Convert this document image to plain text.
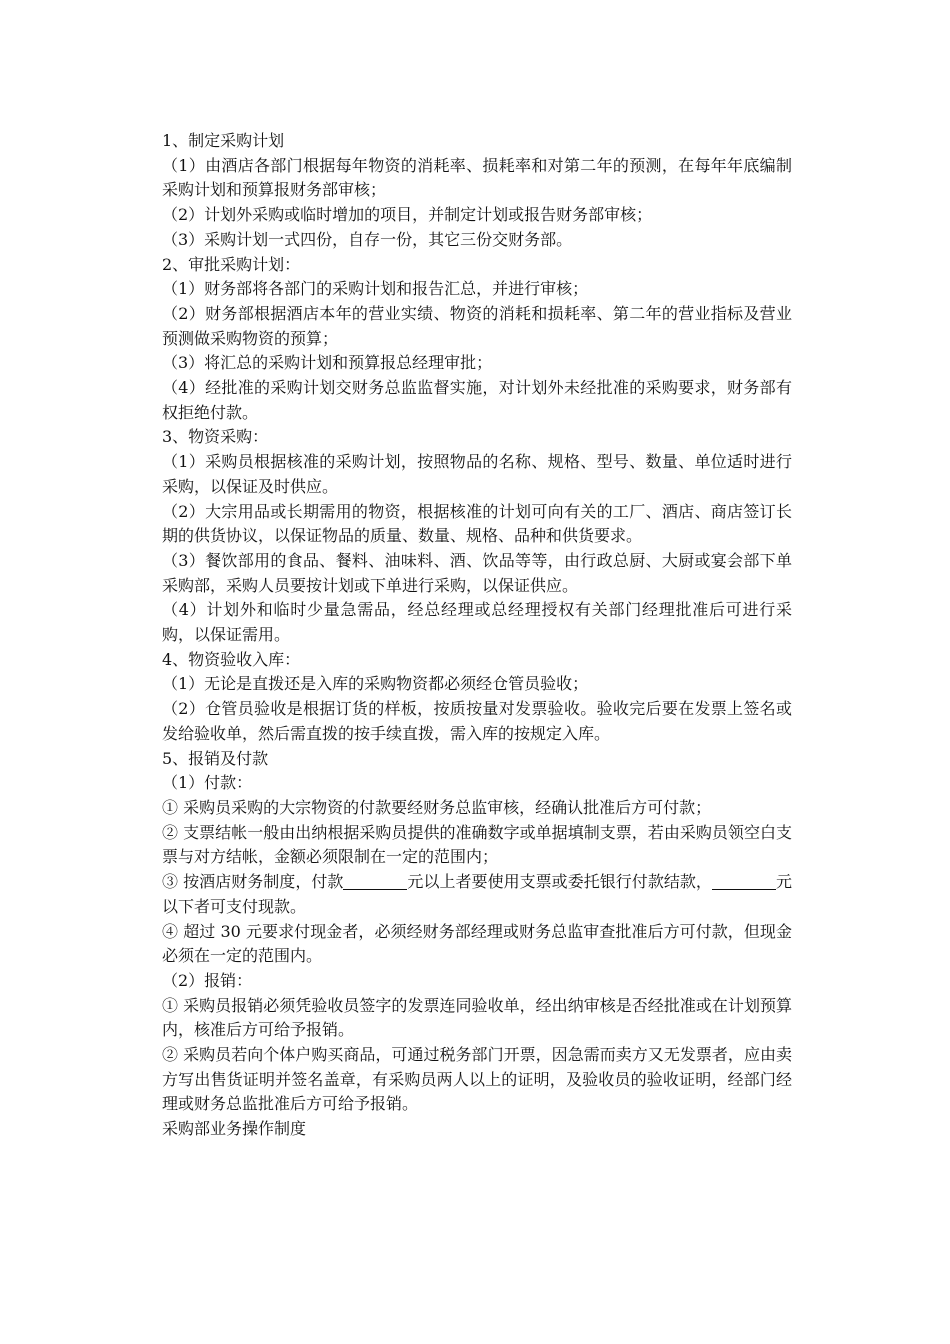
1、制定采购计划
（1）由酒店各部门根据每年物资的消耗率、损耗率和对第二年的预测，在每年年底编制采购计划和预算报财务部审核；
（2）计划外采购或临时增加的项目，并制定计划或报告财务部审核；
（3）采购计划一式四份，自存一份，其它三份交财务部。
2、审批采购计划：
（1）财务部将各部门的采购计划和报告汇总，并进行审核；
（2）财务部根据酒店本年的营业实绩、物资的消耗和损耗率、第二年的营业指标及营业预测做采购物资的预算；
（3）将汇总的采购计划和预算报总经理审批；
（4）经批准的采购计划交财务总监监督实施，对计划外未经批准的采购要求，财务部有权拒绝付款。
3、物资采购：
（1）采购员根据核准的采购计划，按照物品的名称、规格、型号、数量、单位适时进行采购，以保证及时供应。
（2）大宗用品或长期需用的物资，根据核准的计划可向有关的工厂、酒店、商店签订长期的供货协议，以保证物品的质量、数量、规格、品种和供货要求。
（3）餐饮部用的食品、餐料、油味料、酒、饮品等等，由行政总厨、大厨或宴会部下单采购部，采购人员要按计划或下单进行采购，以保证供应。
（4）计划外和临时少量急需品，经总经理或总经理授权有关部门经理批准后可进行采购，以保证需用。
4、物资验收入库：
（1）无论是直拨还是入库的采购物资都必须经仓管员验收；
（2）仓管员验收是根据订货的样板，按质按量对发票验收。验收完后要在发票上签名或发给验收单，然后需直拨的按手续直拨，需入库的按规定入库。
5、报销及付款
（1）付款：
① 采购员采购的大宗物资的付款要经财务总监审核，经确认批准后方可付款；
② 支票结帐一般由出纳根据采购员提供的准确数字或单据填制支票，若由采购员领空白支票与对方结帐，金额必须限制在一定的范围内；
③ 按酒店财务制度，付款	元以上者要使用支票或委托银行付款结款，	元以下者可支付现款。
④ 超过 30 元要求付现金者，必须经财务部经理或财务总监审查批准后方可付款，但现金必须在一定的范围内。
（2）报销：
① 采购员报销必须凭验收员签字的发票连同验收单，经出纳审核是否经批准或在计划预算内，核准后方可给予报销。
② 采购员若向个体户购买商品，可通过税务部门开票，因急需而卖方又无发票者，应由卖方写出售货证明并签名盖章，有采购员两人以上的证明，及验收员的验收证明，经部门经理或财务总监批准后方可给予报销。
采购部业务操作制度
